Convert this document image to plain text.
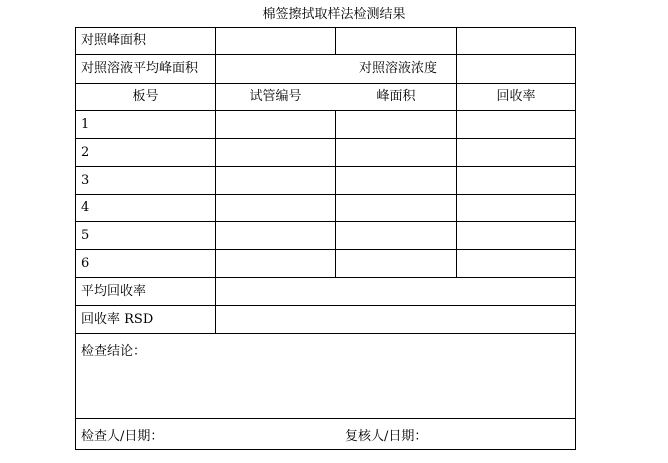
棉签擦拭取样法检测结果
对照峰面积
对照溶液平均峰面积	对照溶液浓度
板号	试管编号	峰面积	回收率
1
2
3
4
5
6
平均回收率
回收率 RSD
检查结论：
检查人/日期：	复核人/日期：
